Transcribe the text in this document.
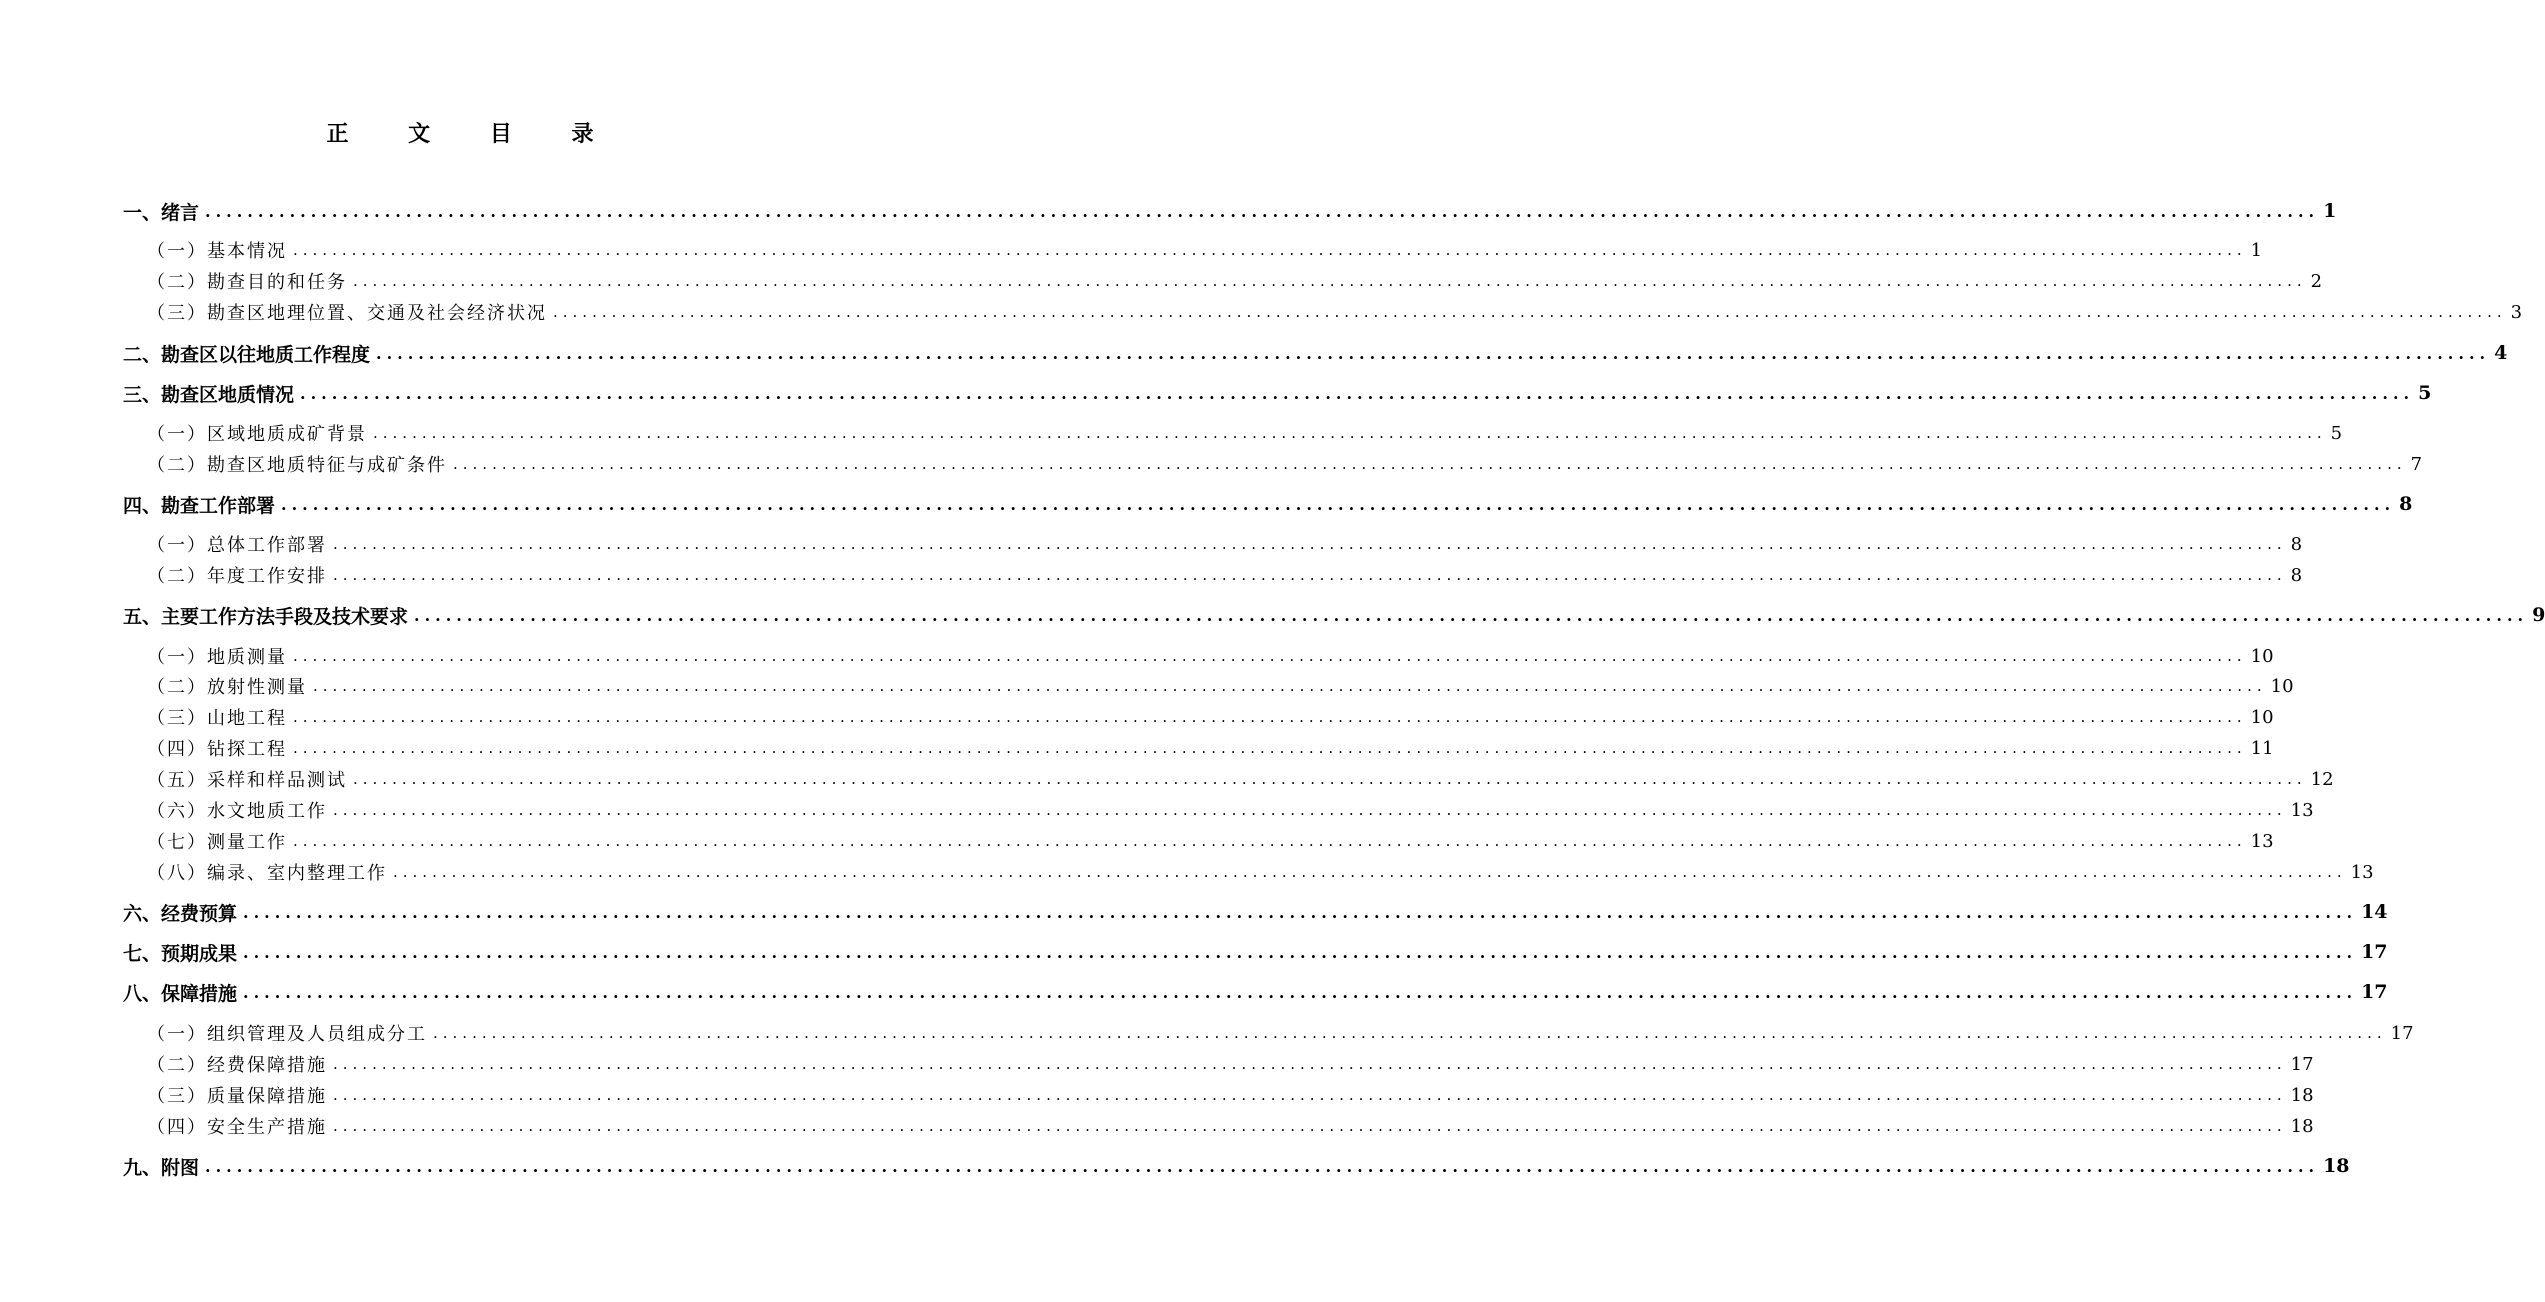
正 文 目 录
一、绪言 ........................................................................................................................................................................................................ 1
（一）基本情况 ........................................................................................................................................................................................................ 1
（二）勘查目的和任务 ........................................................................................................................................................................................................ 2
（三）勘查区地理位置、交通及社会经济状况 ........................................................................................................................................................................................................ 3
二、勘查区以往地质工作程度 ........................................................................................................................................................................................................ 4
三、勘查区地质情况 ........................................................................................................................................................................................................ 5
（一）区域地质成矿背景 ........................................................................................................................................................................................................ 5
（二）勘查区地质特征与成矿条件 ........................................................................................................................................................................................................ 7
四、勘查工作部署 ........................................................................................................................................................................................................ 8
（一）总体工作部署 ........................................................................................................................................................................................................ 8
（二）年度工作安排 ........................................................................................................................................................................................................ 8
五、主要工作方法手段及技术要求 ........................................................................................................................................................................................................ 9
（一）地质测量 ........................................................................................................................................................................................................ 10
（二）放射性测量 ........................................................................................................................................................................................................ 10
（三）山地工程 ........................................................................................................................................................................................................ 10
（四）钻探工程 ........................................................................................................................................................................................................ 11
（五）采样和样品测试 ........................................................................................................................................................................................................ 12
（六）水文地质工作 ........................................................................................................................................................................................................ 13
（七）测量工作 ........................................................................................................................................................................................................ 13
（八）编录、室内整理工作 ........................................................................................................................................................................................................ 13
六、经费预算 ........................................................................................................................................................................................................ 14
七、预期成果 ........................................................................................................................................................................................................ 17
八、保障措施 ........................................................................................................................................................................................................ 17
（一）组织管理及人员组成分工 ........................................................................................................................................................................................................ 17
（二）经费保障措施 ........................................................................................................................................................................................................ 17
（三）质量保障措施 ........................................................................................................................................................................................................ 18
（四）安全生产措施 ........................................................................................................................................................................................................ 18
九、附图 ........................................................................................................................................................................................................ 18
